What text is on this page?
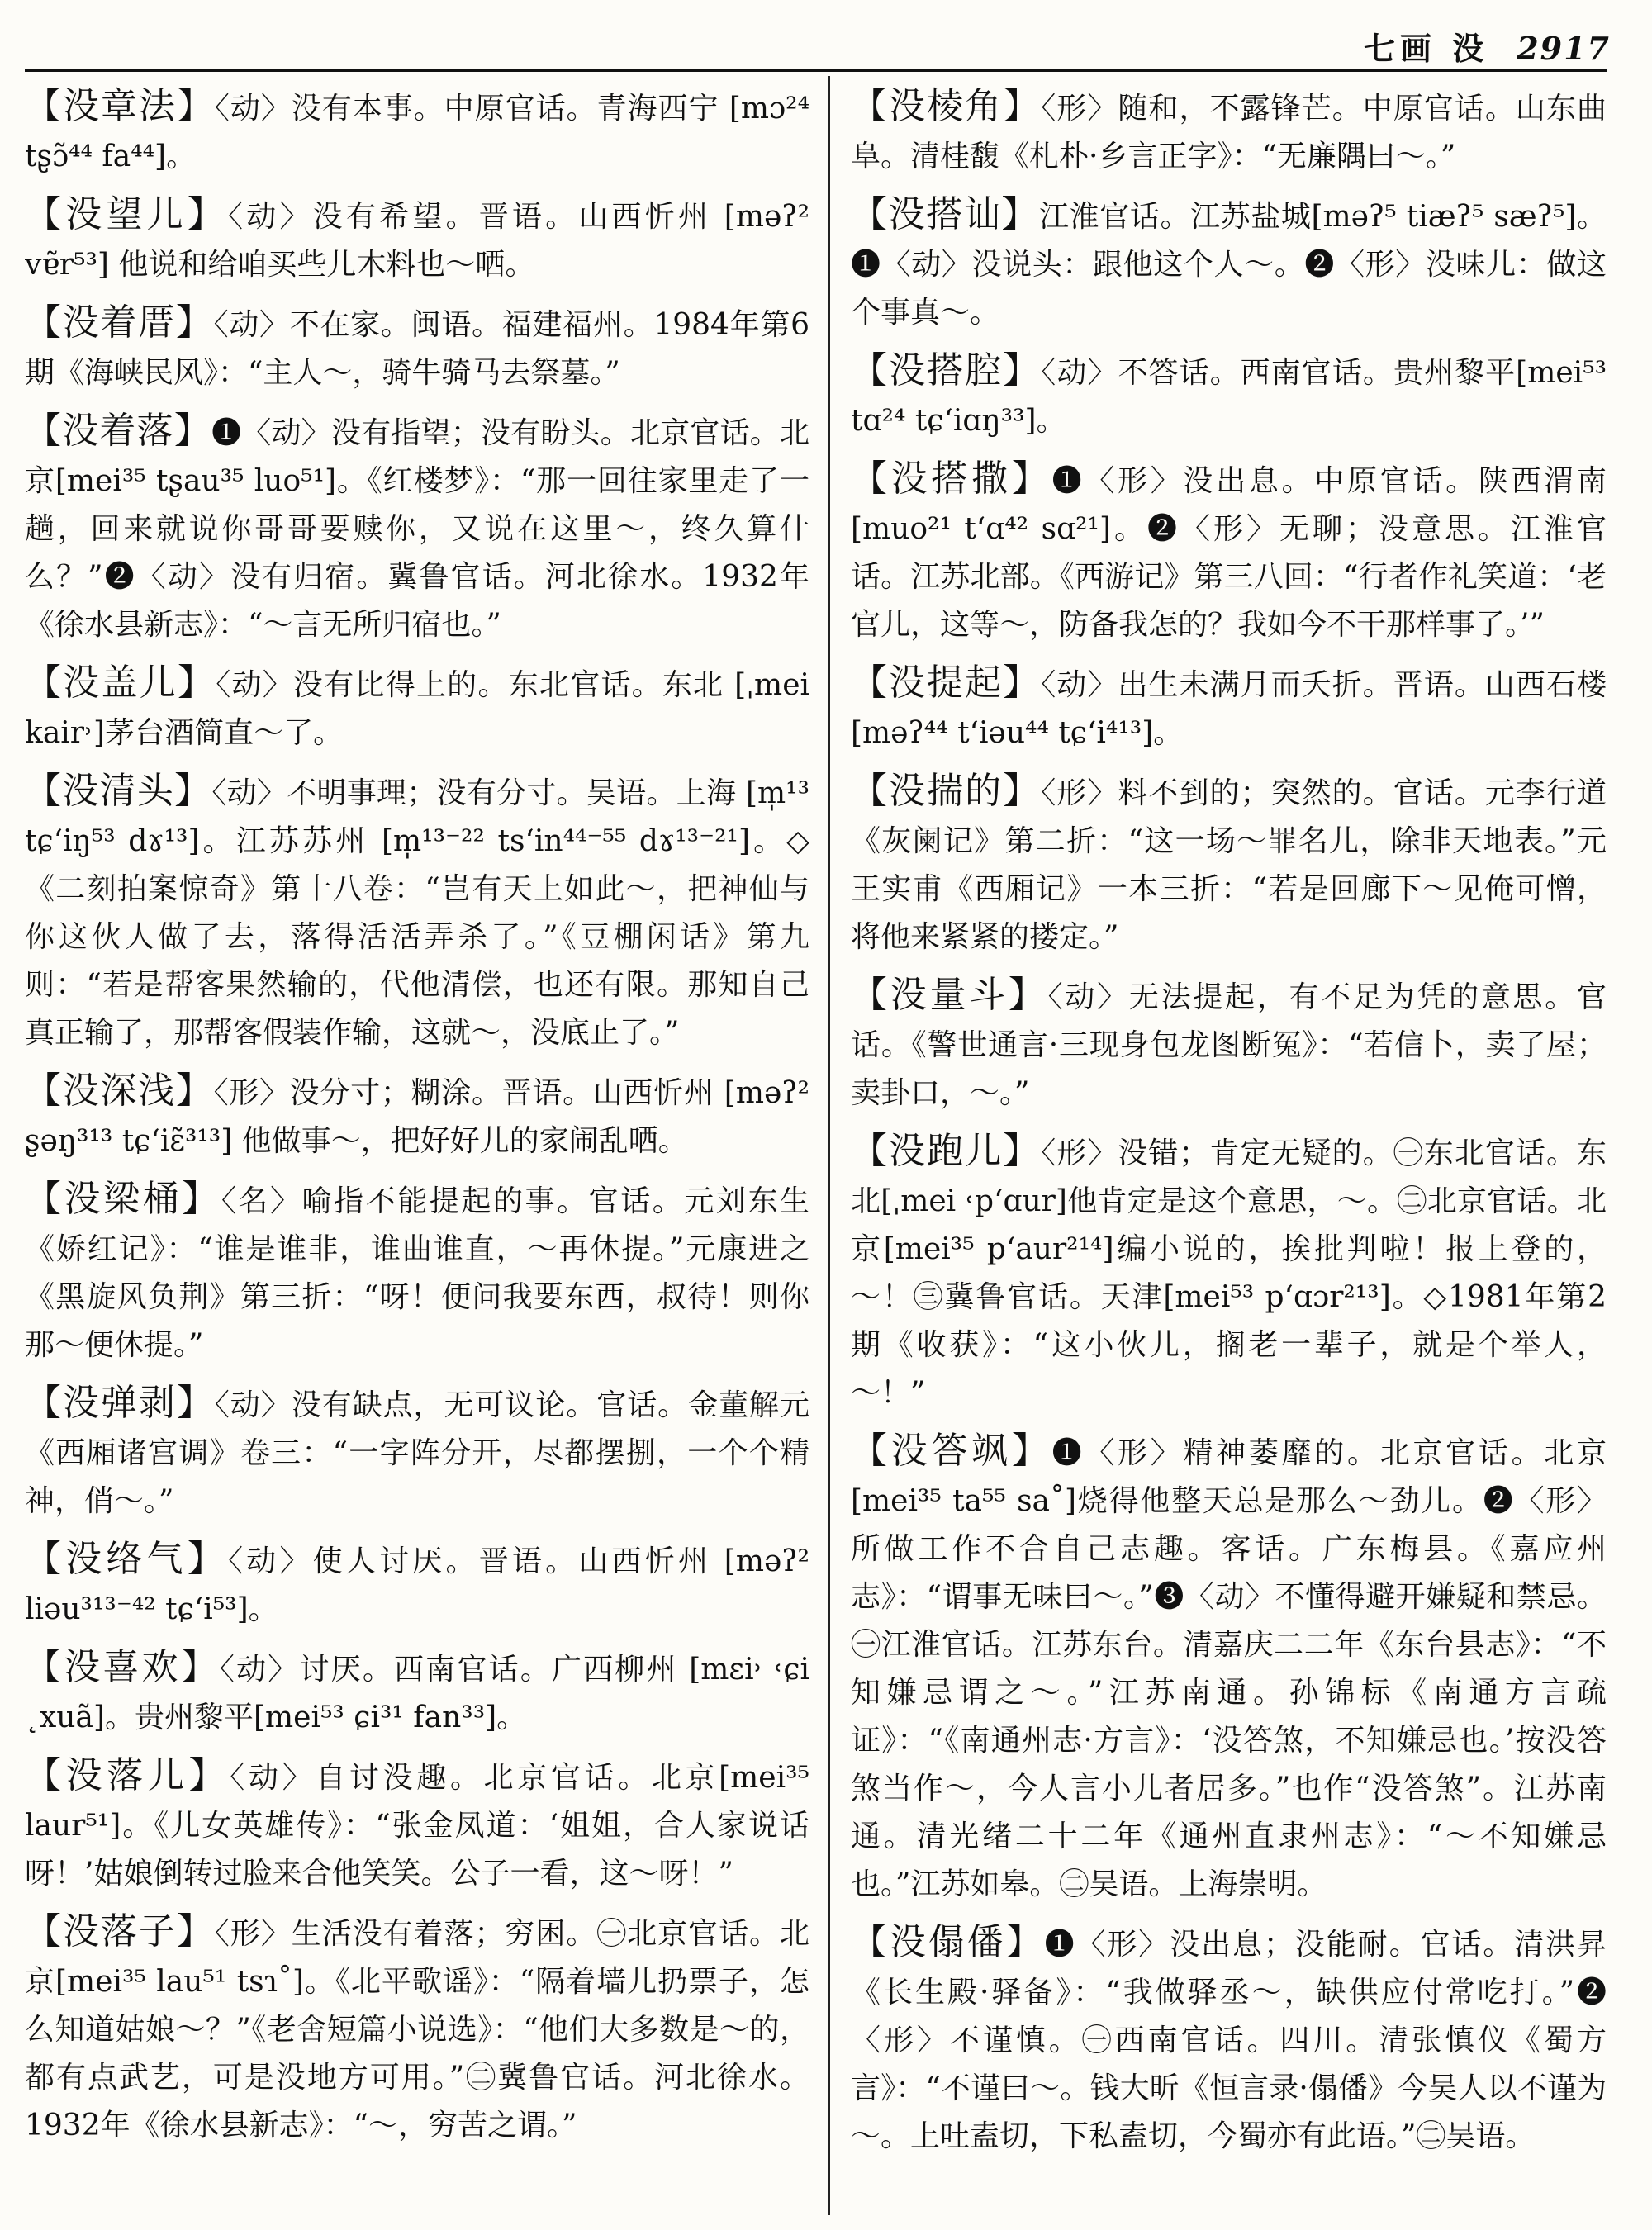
七画 没 2917

【 没章法 】 〈动〉没有本事。中原官话。青海西宁 [mɔ²⁴ tʂɔ̃⁴⁴ fa⁴⁴]。

【 没望儿 】 〈动〉没有希望。晋语。山西忻州 [məʔ² vɐ̃r⁵³] 他说和给咱买些儿木料也～哂。

【 没着厝 】 〈动〉不在家。闽语。福建福州。1984年第6期《海峡民风》：“主人～，骑牛骑马去祭墓。”

【 没着落 】 ❶〈动〉没有指望；没有盼头。北京官话。北京[mei³⁵ tʂau³⁵ luo⁵¹]。《红楼梦》：“那一回往家里走了一趟，回来就说你哥哥要赎你，又说在这里～，终久算什么？”❷〈动〉没有归宿。冀鲁官话。河北徐水。1932年《徐水县新志》：“～言无所归宿也。”

【 没盖儿 】 〈动〉没有比得上的。东北官话。东北 [ˌmei kair˒]茅台酒简直～了。

【 没清头 】 〈动〉不明事理；没有分寸。吴语。上海 [m̩¹³ tɕʻiŋ⁵³ dɤ¹³]。江苏苏州 [m̩¹³⁻²² tsʻin⁴⁴⁻⁵⁵ dɤ¹³⁻²¹]。◇《二刻拍案惊奇》第十八卷：“岂有天上如此～，把神仙与你这伙人做了去，落得活活弄杀了。”《豆棚闲话》第九则：“若是帮客果然输的，代他清偿，也还有限。那知自己真正输了，那帮客假装作输，这就～，没底止了。”

【 没深浅 】 〈形〉没分寸；糊涂。晋语。山西忻州 [məʔ² ʂəŋ³¹³ tɕʻiɛ̃³¹³] 他做事～，把好好儿的家闹乱哂。

【 没梁桶 】 〈名〉喻指不能提起的事。官话。元刘东生《娇红记》：“谁是谁非，谁曲谁直，～再休提。”元康进之《黑旋风负荆》第三折：“呀！便问我要东西，叔待！则你那～便休提。”

【 没弹剥 】 〈动〉没有缺点，无可议论。官话。金董解元《西厢诸宫调》卷三：“一字阵分开，尽都摆捌，一个个精神，俏～。”

【 没络气 】 〈动〉使人讨厌。晋语。山西忻州 [məʔ² liəu³¹³⁻⁴² tɕʻi⁵³]。

【 没喜欢 】 〈动〉讨厌。西南官话。广西柳州 [mɛi˒ ˓ɕi ˛xuã]。贵州黎平[mei⁵³ ɕi³¹ fan³³]。

【 没落儿 】 〈动〉自讨没趣。北京官话。北京[mei³⁵ laur⁵¹]。《儿女英雄传》：“张金凤道：‘姐姐，合人家说话呀！’姑娘倒转过脸来合他笑笑。公子一看，这～呀！”

【 没落子 】 〈形〉生活没有着落；穷困。㊀北京官话。北京[mei³⁵ lau⁵¹ tsɿ˚]。《北平歌谣》：“隔着墙儿扔票子，怎么知道姑娘～？”《老舍短篇小说选》：“他们大多数是～的，都有点武艺，可是没地方可用。”㊁冀鲁官话。河北徐水。1932年《徐水县新志》：“～，穷苦之谓。”

【 没棱角 】 〈形〉随和，不露锋芒。中原官话。山东曲阜。清桂馥《札朴·乡言正字》：“无廉隅曰～。”

【 没搭讪 】 江淮官话。江苏盐城[məʔ⁵ tiæʔ⁵ sæʔ⁵]。❶〈动〉没说头：跟他这个人～。❷〈形〉没味儿：做这个事真～。

【 没搭腔 】 〈动〉不答话。西南官话。贵州黎平[mei⁵³ tɑ²⁴ tɕʻiɑŋ³³]。

【 没搭撒 】 ❶〈形〉没出息。中原官话。陕西渭南 [muo²¹ tʻɑ⁴² sɑ²¹]。❷〈形〉无聊；没意思。江淮官话。江苏北部。《西游记》第三八回：“行者作礼笑道：‘老官儿，这等～，防备我怎的？我如今不干那样事了。’”

【 没提起 】 〈动〉出生未满月而夭折。晋语。山西石楼 [məʔ⁴⁴ tʻiəu⁴⁴ tɕʻi⁴¹³]。

【 没揣的 】 〈形〉料不到的；突然的。官话。元李行道《灰阑记》第二折：“这一场～罪名儿，除非天地表。”元王实甫《西厢记》一本三折：“若是回廊下～见俺可憎，将他来紧紧的搂定。”

【 没量斗 】 〈动〉无法提起，有不足为凭的意思。官话。《警世通言·三现身包龙图断冤》：“若信卜，卖了屋；卖卦口，～。”

【 没跑儿 】 〈形〉没错；肯定无疑的。㊀东北官话。东北[ˌmei ˓pʻɑur]他肯定是这个意思，～。㊁北京官话。北京[mei³⁵ pʻaur²¹⁴]编小说的，挨批判啦！报上登的，～！㊂冀鲁官话。天津[mei⁵³ pʻɑɔr²¹³]。◇1981年第2期《收获》：“这小伙儿，搁老一辈子，就是个举人，～！”

【 没答飒 】 ❶〈形〉精神萎靡的。北京官话。北京[mei³⁵ ta⁵⁵ sa˚]烧得他整天总是那么～劲儿。❷〈形〉所做工作不合自己志趣。客话。广东梅县。《嘉应州志》：“谓事无味曰～。”❸〈动〉不懂得避开嫌疑和禁忌。㊀江淮官话。江苏东台。清嘉庆二二年《东台县志》：“不知嫌忌谓之～。”江苏南通。孙锦标《南通方言疏证》：“《南通州志·方言》：‘没答煞，不知嫌忌也。’按没答煞当作～，今人言小儿者居多。”也作“没答煞”。江苏南通。清光绪二十二年《通州直隶州志》：“～不知嫌忌也。”江苏如皋。㊁吴语。上海崇明。

【 没傝僠 】 ❶〈形〉没出息；没能耐。官话。清洪昇《长生殿·驿备》：“我做驿丞～，缺供应付常吃打。”❷〈形〉不谨慎。㊀西南官话。四川。清张慎仪《蜀方言》：“不谨曰～。钱大昕《恒言录·傝僠》今吴人以不谨为～。上吐盍切，下私盍切，今蜀亦有此语。”㊁吴语。
